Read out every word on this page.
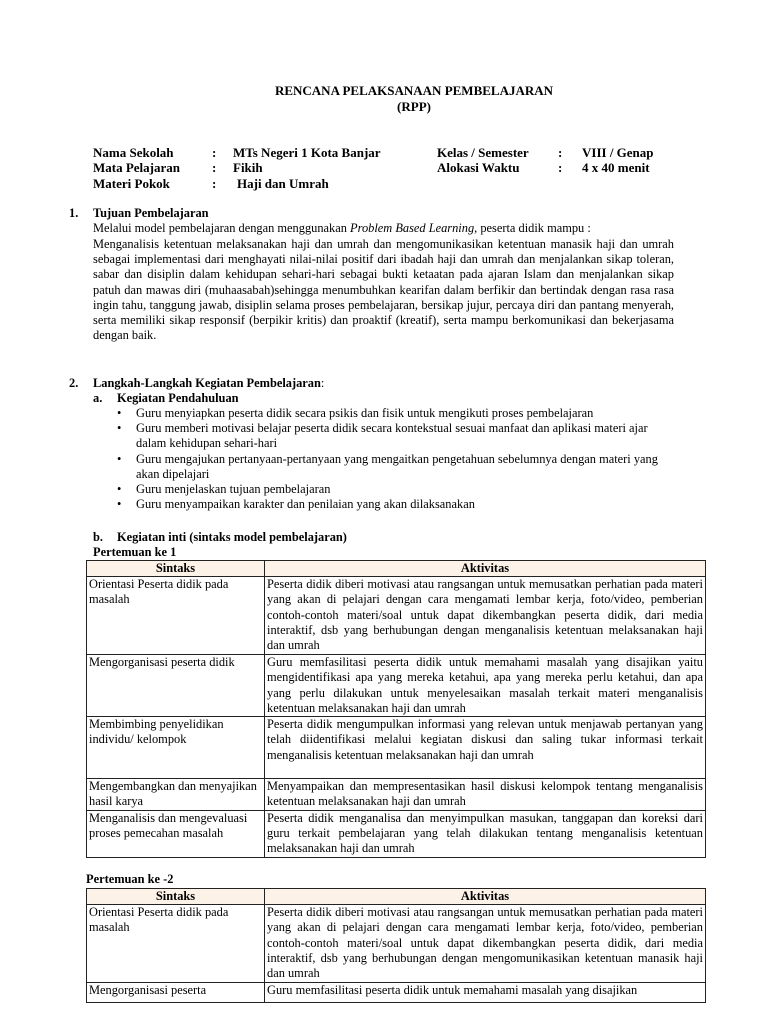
RENCANA PELAKSANAAN PEMBELAJARAN
(RPP)
Nama Sekolah	: MTs Negeri 1 Kota Banjar
Mata Pelajaran : Fikih
Materi Pokok	: Haji dan Umrah
Kelas / Semester : VIII / Genap
Alokasi Waktu	: 4 x 40 menit
1. Tujuan Pembelajaran
Melalui model pembelajaran dengan menggunakan Problem Based Learning, peserta didik mampu :
Menganalisis ketentuan melaksanakan haji dan umrah dan mengomunikasikan ketentuan manasik haji dan umrah sebagai implementasi dari menghayati nilai-nilai positif dari ibadah haji dan umrah dan menjalankan sikap toleran, sabar dan disiplin dalam kehidupan sehari-hari sebagai bukti ketaatan pada ajaran Islam dan menjalankan sikap patuh dan mawas diri (muhaasabah)sehingga menumbuhkan kearifan dalam berfikir dan bertindak dengan rasa rasa ingin tahu, tanggung jawab, disiplin selama proses pembelajaran, bersikap jujur, percaya diri dan pantang menyerah, serta memiliki sikap responsif (berpikir kritis) dan proaktif (kreatif), serta mampu berkomunikasi dan bekerjasama dengan baik.
2. Langkah-Langkah Kegiatan Pembelajaran:
a. Kegiatan Pendahuluan
• Guru menyiapkan peserta didik secara psikis dan fisik untuk mengikuti proses pembelajaran
• Guru memberi motivasi belajar peserta didik secara kontekstual sesuai manfaat dan aplikasi materi ajar dalam kehidupan sehari-hari
• Guru mengajukan pertanyaan-pertanyaan yang mengaitkan pengetahuan sebelumnya dengan materi yang akan dipelajari
• Guru menjelaskan tujuan pembelajaran
• Guru menyampaikan karakter dan penilaian yang akan dilaksanakan
b. Kegiatan inti (sintaks model pembelajaran)
Pertemuan ke 1
Sintaks	Aktivitas
Orientasi Peserta didik pada masalah	Peserta didik diberi motivasi atau rangsangan untuk memusatkan perhatian pada materi yang akan di pelajari dengan cara mengamati lembar kerja, foto/video, pemberian contoh-contoh materi/soal untuk dapat dikembangkan peserta didik, dari media interaktif, dsb yang berhubungan dengan menganalisis ketentuan melaksanakan haji dan umrah
Mengorganisasi peserta didik	Guru memfasilitasi peserta didik untuk memahami masalah yang disajikan yaitu mengidentifikasi apa yang mereka ketahui, apa yang mereka perlu ketahui, dan apa yang perlu dilakukan untuk menyelesaikan masalah terkait materi menganalisis ketentuan melaksanakan haji dan umrah
Membimbing penyelidikan individu/ kelompok	Peserta didik mengumpulkan informasi yang relevan untuk menjawab pertanyan yang telah diidentifikasi melalui kegiatan diskusi dan saling tukar informasi terkait menganalisis ketentuan melaksanakan haji dan umrah
Mengembangkan dan menyajikan hasil karya	Menyampaikan dan mempresentasikan hasil diskusi kelompok tentang menganalisis ketentuan melaksanakan haji dan umrah
Menganalisis dan mengevaluasi proses pemecahan masalah	Peserta didik menganalisa dan menyimpulkan masukan, tanggapan dan koreksi dari guru terkait pembelajaran yang telah dilakukan tentang menganalisis ketentuan melaksanakan haji dan umrah
Pertemuan ke -2
Sintaks	Aktivitas
Orientasi Peserta didik pada masalah	Peserta didik diberi motivasi atau rangsangan untuk memusatkan perhatian pada materi yang akan di pelajari dengan cara mengamati lembar kerja, foto/video, pemberian contoh-contoh materi/soal untuk dapat dikembangkan peserta didik, dari media interaktif, dsb yang berhubungan dengan mengomunikasikan ketentuan manasik haji dan umrah
Mengorganisasi peserta	Guru memfasilitasi peserta didik untuk memahami masalah yang disajikan
